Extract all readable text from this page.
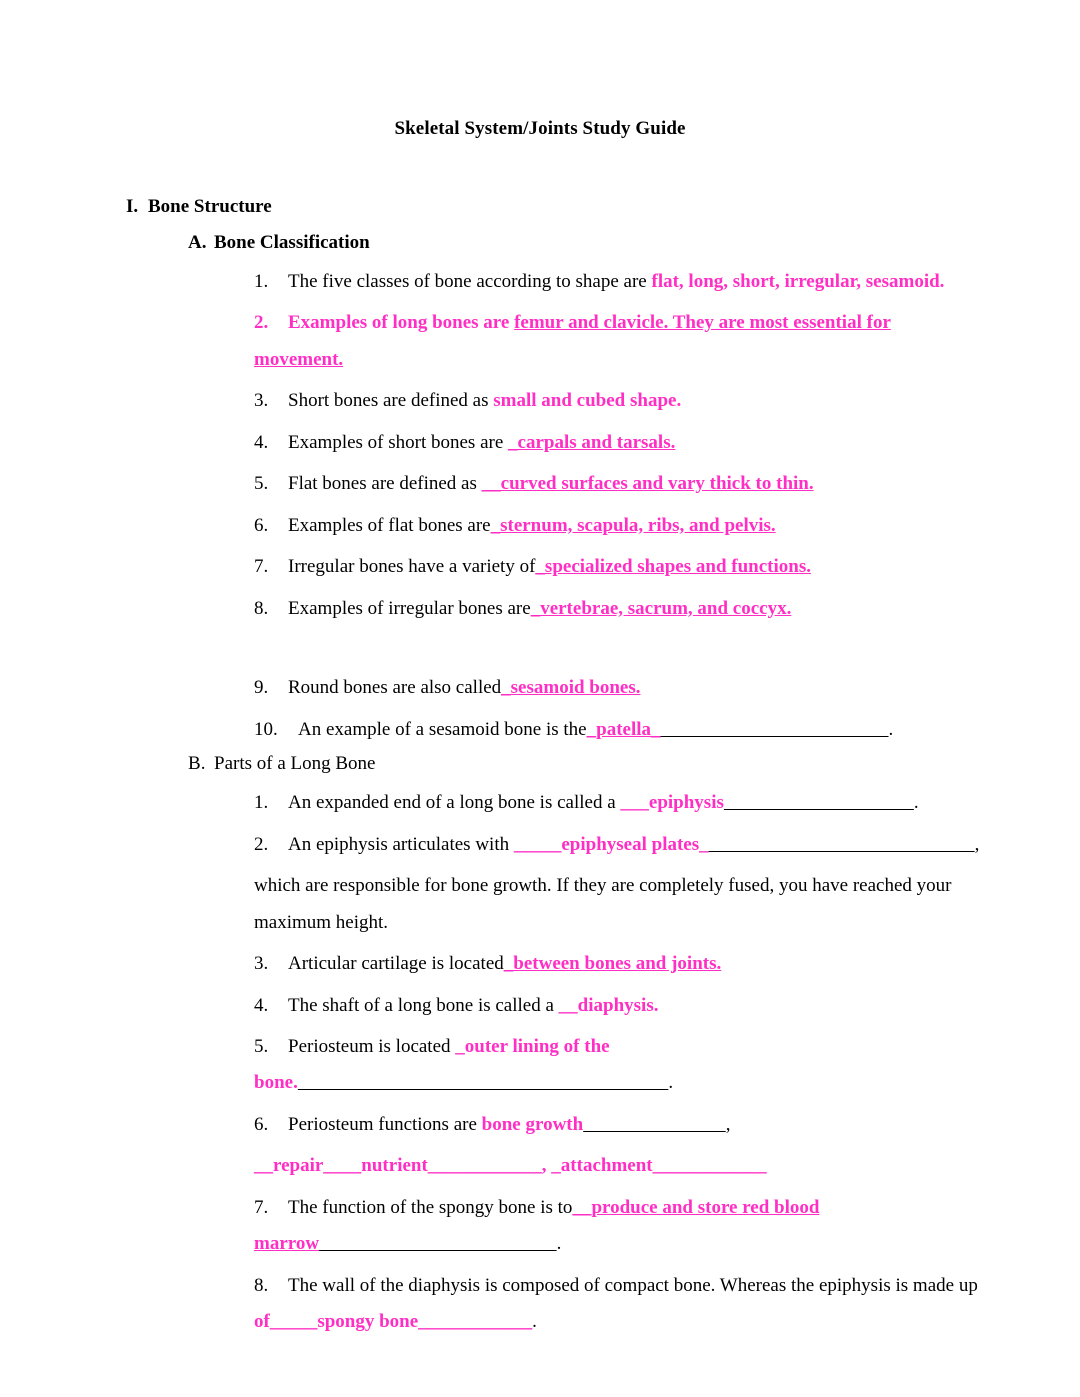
Skeletal System/Joints Study Guide
I. Bone Structure
A. Bone Classification
1. The five classes of bone according to shape are flat, long, short, irregular, sesamoid.
2. Examples of long bones are femur and clavicle. They are most essential for movement.
3. Short bones are defined as small and cubed shape.
4. Examples of short bones are _carpals and tarsals.
5. Flat bones are defined as __curved surfaces and vary thick to thin.
6. Examples of flat bones are_sternum, scapula, ribs, and pelvis.
7. Irregular bones have a variety of_specialized shapes and functions.
8. Examples of irregular bones are_vertebrae, sacrum, and coccyx.
9. Round bones are also called_sesamoid bones.
10. An example of a sesamoid bone is the_patella_	.
B. Parts of a Long Bone
1. An expanded end of a long bone is called a ___epiphysis	.
2. An epiphysis articulates with _____epiphyseal plates_	,
which are responsible for bone growth. If they are completely fused, you have reached your maximum height.
3. Articular cartilage is located_between bones and joints.
4. The shaft of a long bone is called a __diaphysis.
5. Periosteum is located _outer lining of the bone.	.
6. Periosteum functions are bone growth	,
__repair____nutrient____________, _attachment____________
7. The function of the spongy bone is to__produce and store red blood marrow	.
8. The wall of the diaphysis is composed of compact bone. Whereas the epiphysis is made up of_____spongy bone____________.
